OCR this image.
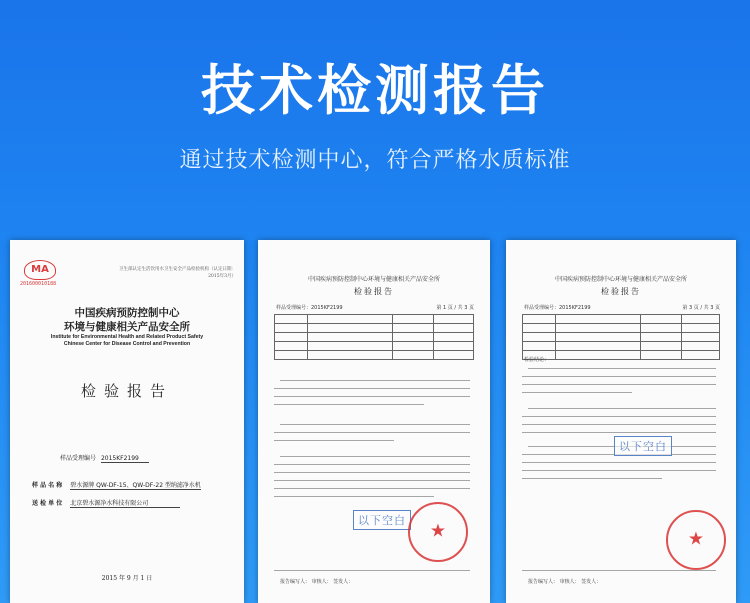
技术检测报告
通过技术检测中心，符合严格水质标准
MA
201600010188
卫生部认定生活饮用水卫生安全产品检验机构（认定日期：2015年3月）
中国疾病预防控制中心
环境与健康相关产品安全所
Institute for Environmental Health and Related Product Safety
Chinese Center for Disease Control and Prevention
检验报告
样品受理编号 2015KF2199
样 品 名 称 碧水源牌 QW-DF-15、QW-DF-22 型纳滤净水机
送 检 单 位 北京碧水源净水科技有限公司
2015 年 9 月 1 日
中国疾病预防控制中心环境与健康相关产品安全所
检验报告
样品受理编号：2015KF2199	第 1 页 / 共 3 页

以下空白
★
报告编写人： 审核人： 签发人：
中国疾病预防控制中心环境与健康相关产品安全所
检验报告
样品受理编号：2015KF2199	第 3 页 / 共 3 页

检验结论：
以下空白
★
报告编写人： 审核人： 签发人：
